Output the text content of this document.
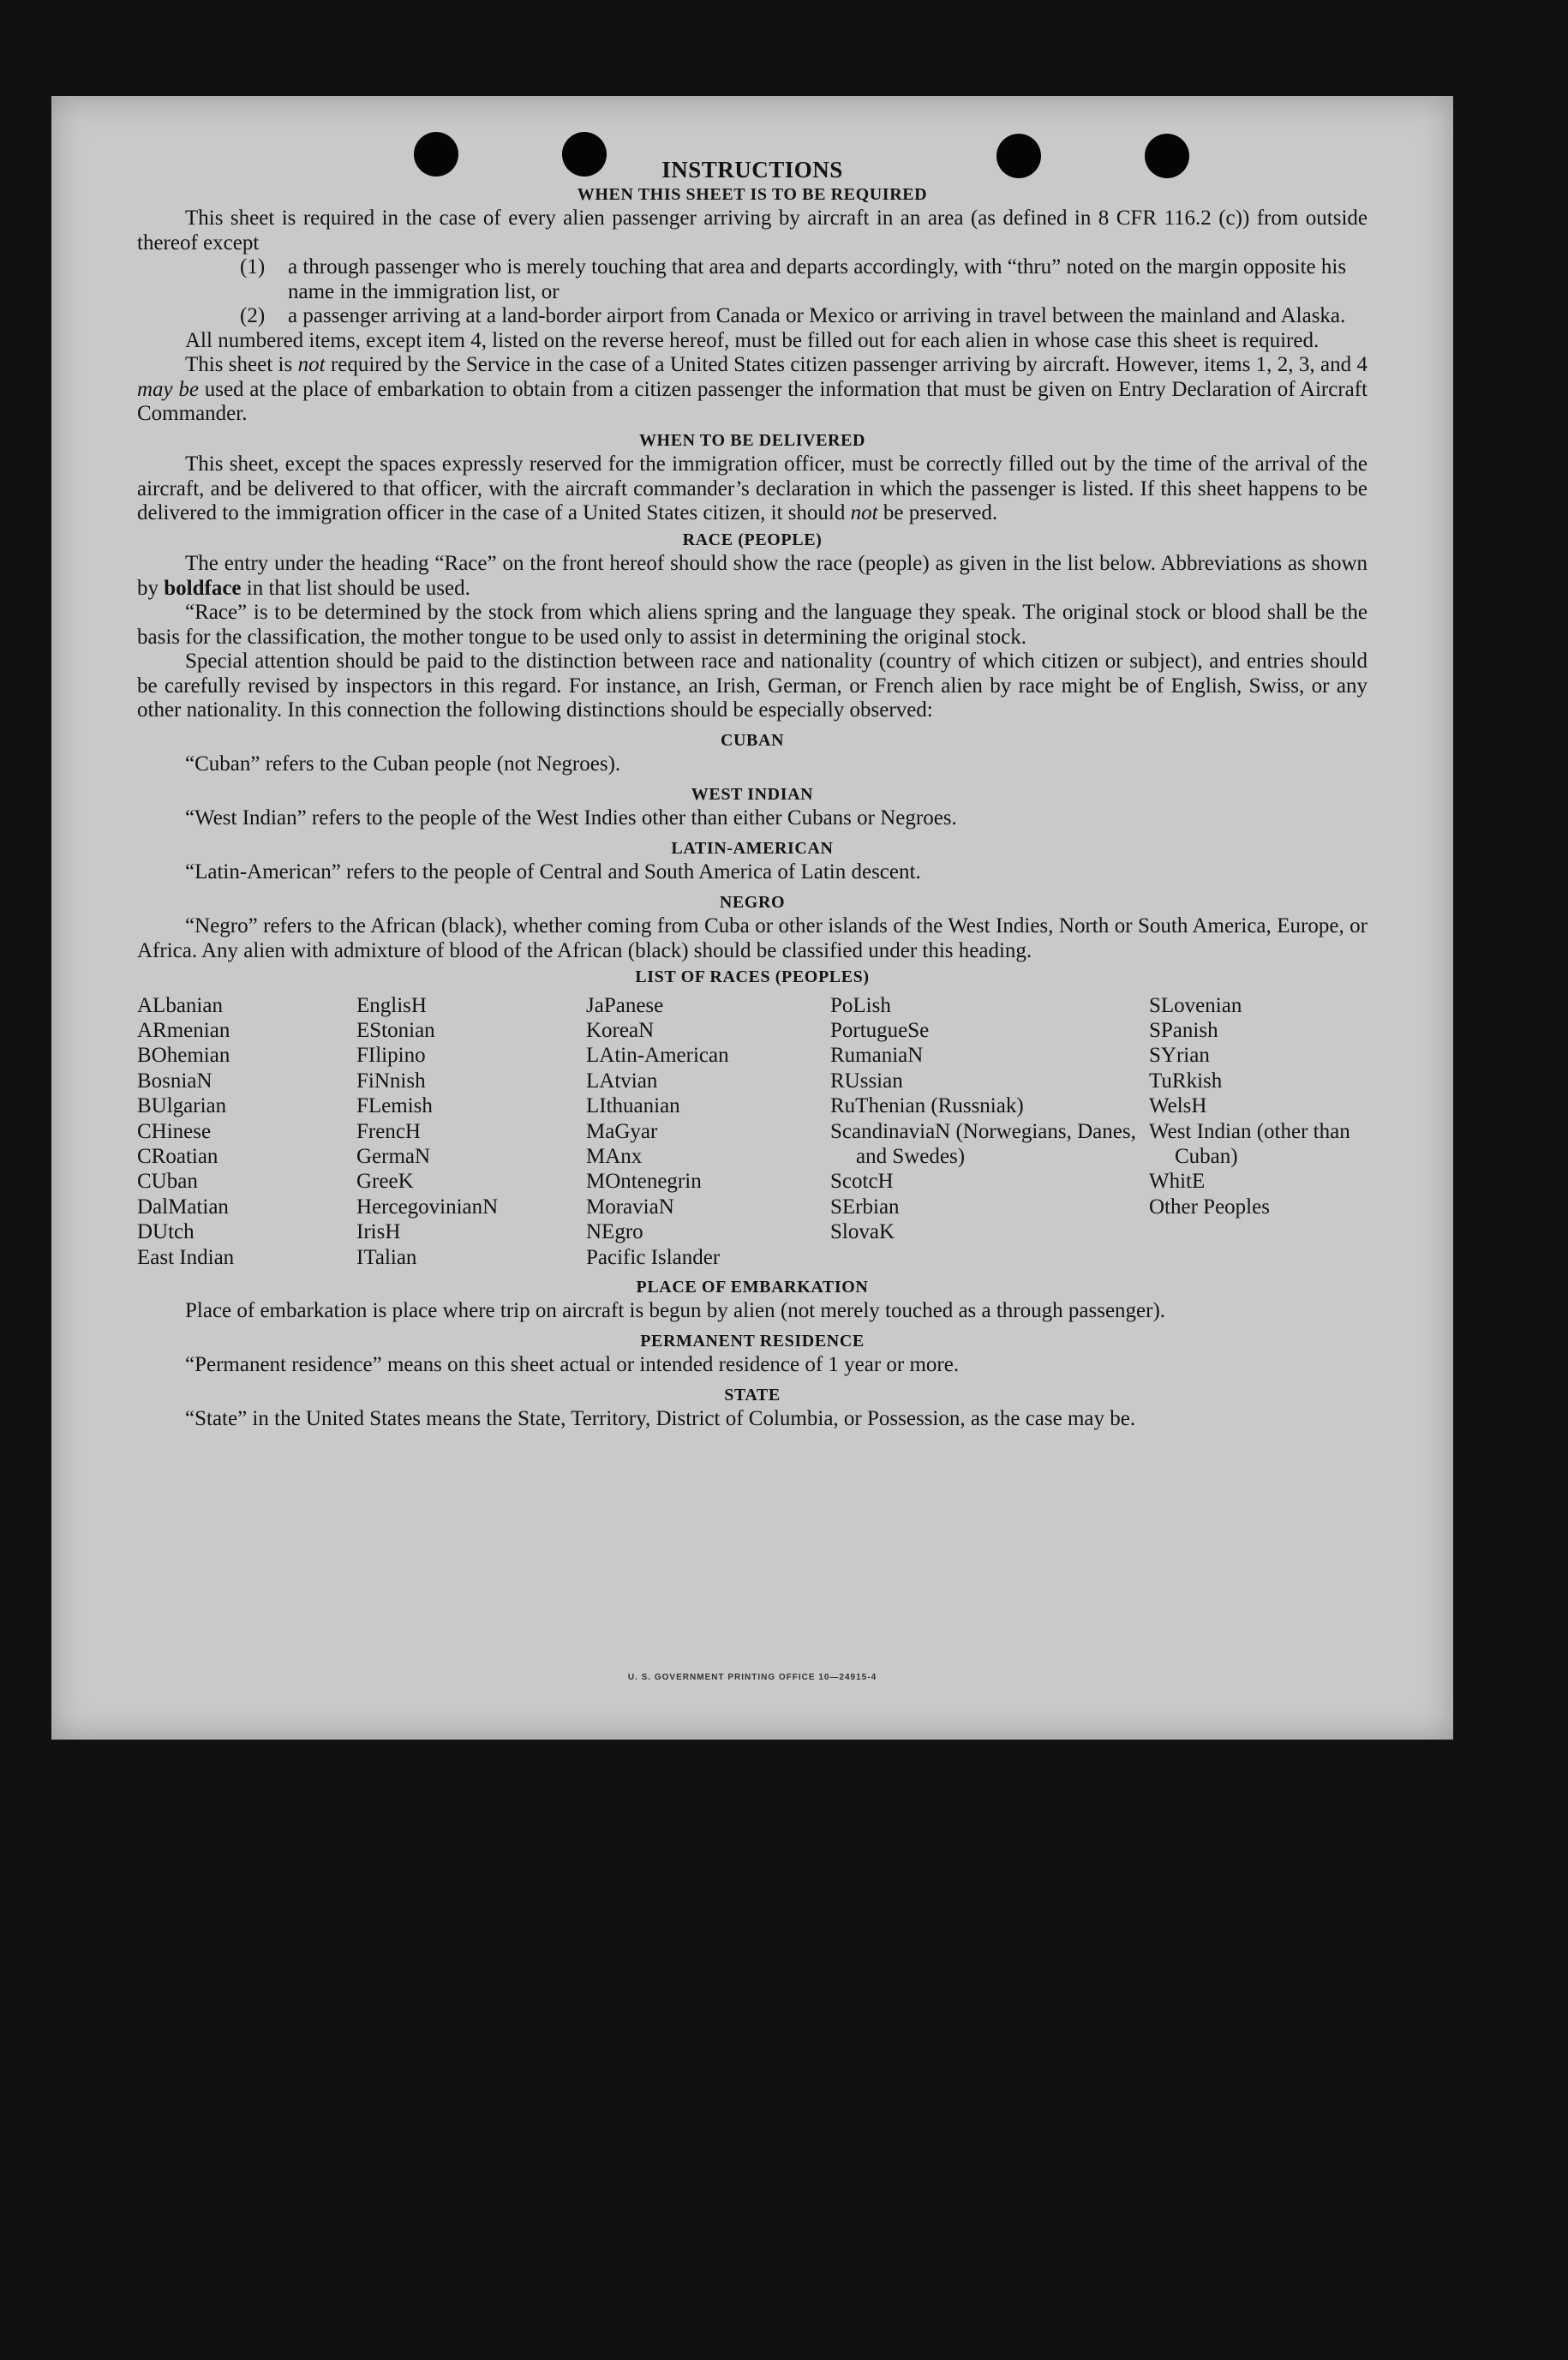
INSTRUCTIONS
WHEN THIS SHEET IS TO BE REQUIRED

This sheet is required in the case of every alien passenger arriving by aircraft in an area (as defined in 8 CFR 116.2 (c)) from outside thereof except

(1)	a through passenger who is merely touching that area and departs accordingly, with “thru” noted on the margin opposite his name in the immigration list, or
(2)	a passenger arriving at a land-border airport from Canada or Mexico or arriving in travel between the mainland and Alaska.

All numbered items, except item 4, listed on the reverse hereof, must be filled out for each alien in whose case this sheet is required.

This sheet is not required by the Service in the case of a United States citizen passenger arriving by aircraft. However, items 1, 2, 3, and 4 may be used at the place of embarkation to obtain from a citizen passenger the information that must be given on Entry Declaration of Aircraft Commander.

WHEN TO BE DELIVERED

This sheet, except the spaces expressly reserved for the immigration officer, must be correctly filled out by the time of the arrival of the aircraft, and be delivered to that officer, with the aircraft commander’s declaration in which the passenger is listed. If this sheet happens to be delivered to the immigration officer in the case of a United States citizen, it should not be preserved.

RACE (PEOPLE)

The entry under the heading “Race” on the front hereof should show the race (people) as given in the list below. Abbreviations as shown by boldface in that list should be used.

“Race” is to be determined by the stock from which aliens spring and the language they speak. The original stock or blood shall be the basis for the classification, the mother tongue to be used only to assist in determining the original stock.

Special attention should be paid to the distinction between race and nationality (country of which citizen or subject), and entries should be carefully revised by inspectors in this regard. For instance, an Irish, German, or French alien by race might be of English, Swiss, or any other nationality. In this connection the following distinctions should be especially observed:

CUBAN

“Cuban” refers to the Cuban people (not Negroes).

WEST INDIAN

“West Indian” refers to the people of the West Indies other than either Cubans or Negroes.

LATIN-AMERICAN

“Latin-American” refers to the people of Central and South America of Latin descent.

NEGRO

“Negro” refers to the African (black), whether coming from Cuba or other islands of the West Indies, North or South America, Europe, or Africa. Any alien with admixture of blood of the African (black) should be classified under this heading.

LIST OF RACES (PEOPLES)
ALbanian
ARmenian
BOhemian
BosniaN
BUlgarian
CHinese
CRoatian
CUban
DalMatian
DUtch
East Indian
EnglisH
EStonian
FIlipino
FiNnish
FLemish
FrencH
GermaN
GreeK
HercegovinianN
IrisH
ITalian
JaPanese
KoreaN
LAtin-American
LAtvian
LIthuanian
MaGyar
MAnx
MOntenegrin
MoraviaN
NEgro
Pacific Islander
PoLish
PortugueSe
RumaniaN
RUssian
RuThenian (Russniak)
ScandinaviaN (Norwegians, Danes, and Swedes)
ScotcH
SErbian
SlovaK
SLovenian
SPanish
SYrian
TuRkish
WelsH
West Indian (other than Cuban)
WhitE
Other Peoples
PLACE OF EMBARKATION

Place of embarkation is place where trip on aircraft is begun by alien (not merely touched as a through passenger).

PERMANENT RESIDENCE

“Permanent residence” means on this sheet actual or intended residence of 1 year or more.

STATE

“State” in the United States means the State, Territory, District of Columbia, or Possession, as the case may be.

U. S. GOVERNMENT PRINTING OFFICE 10—24915-4
